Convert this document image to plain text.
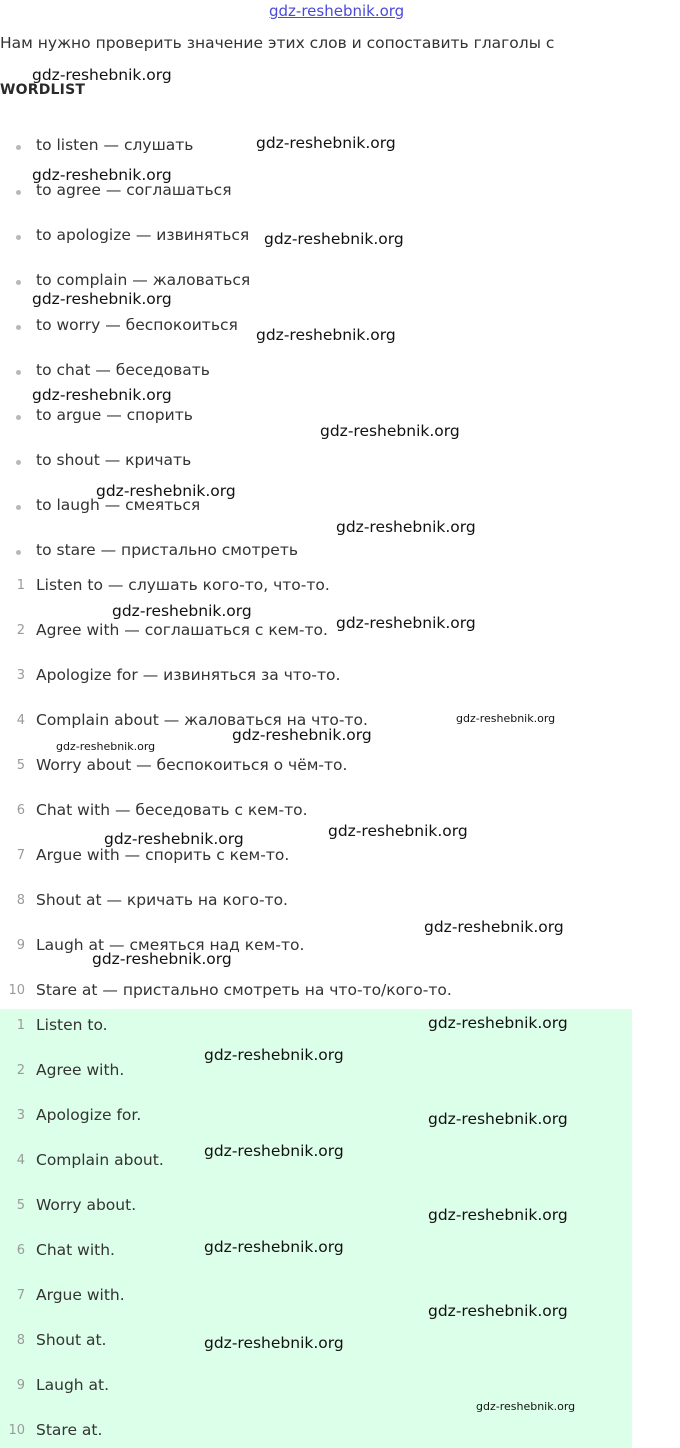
gdz-reshebnik.org
Нам нужно проверить значение этих слов и сопоставить глаголы с
WORDLIST
to listen — слушать
to agree — соглашаться
to apologize — извиняться
to complain — жаловаться
to worry — беспокоиться
to chat — беседовать
to argue — спорить
to shout — кричать
to laugh — смеяться
to stare — пристально смотреть
1 Listen to — слушать кого-то, что-то.
2 Agree with — соглашаться с кем-то.
3 Apologize for — извиняться за что-то.
4 Complain about — жаловаться на что-то.
5 Worry about — беспокоиться о чём-то.
6 Chat with — беседовать с кем-то.
7 Argue with — спорить с кем-то.
8 Shout at — кричать на кого-то.
9 Laugh at — смеяться над кем-то.
10 Stare at — пристально смотреть на что-то/кого-то.
1 Listen to.
2 Agree with.
3 Apologize for.
4 Complain about.
5 Worry about.
6 Chat with.
7 Argue with.
8 Shout at.
9 Laugh at.
10 Stare at.
gdz-reshebnik.org
gdz-reshebnik.org
gdz-reshebnik.org
gdz-reshebnik.org
gdz-reshebnik.org
gdz-reshebnik.org
gdz-reshebnik.org
gdz-reshebnik.org
gdz-reshebnik.org
gdz-reshebnik.org
gdz-reshebnik.org
gdz-reshebnik.org
gdz-reshebnik.org
gdz-reshebnik.org
gdz-reshebnik.org
gdz-reshebnik.org
gdz-reshebnik.org
gdz-reshebnik.org
gdz-reshebnik.org
gdz-reshebnik.org
gdz-reshebnik.org
gdz-reshebnik.org
gdz-reshebnik.org
gdz-reshebnik.org
gdz-reshebnik.org
gdz-reshebnik.org
gdz-reshebnik.org
gdz-reshebnik.org
